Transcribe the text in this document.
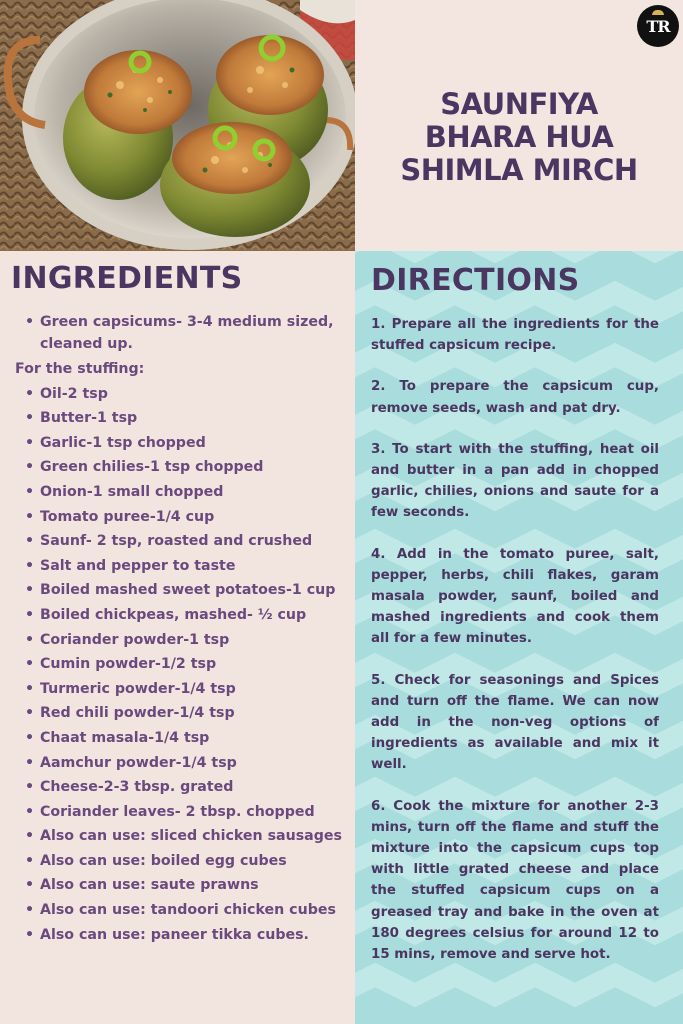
TR
SAUNFIYA
BHARA HUA
SHIMLA MIRCH
INGREDIENTS
• Green capsicums- 3-4 medium sized, cleaned up.
For the stuffing:
• Oil-2 tsp
• Butter-1 tsp
• Garlic-1 tsp chopped
• Green chilies-1 tsp chopped
• Onion-1 small chopped
• Tomato puree-1/4 cup
• Saunf- 2 tsp, roasted and crushed
• Salt and pepper to taste
• Boiled mashed sweet potatoes-1 cup
• Boiled chickpeas, mashed- ½ cup
• Coriander powder-1 tsp
• Cumin powder-1/2 tsp
• Turmeric powder-1/4 tsp
• Red chili powder-1/4 tsp
• Chaat masala-1/4 tsp
• Aamchur powder-1/4 tsp
• Cheese-2-3 tbsp. grated
• Coriander leaves- 2 tbsp. chopped
• Also can use: sliced chicken sausages
• Also can use: boiled egg cubes
• Also can use: saute prawns
• Also can use: tandoori chicken cubes
• Also can use: paneer tikka cubes.
DIRECTIONS

1. Prepare all the ingredients for the stuffed capsicum recipe.

2. To prepare the capsicum cup, remove seeds, wash and pat dry.

3. To start with the stuffing, heat oil and butter in a pan add in chopped garlic, chilies, onions and saute for a few seconds.

4. Add in the tomato puree, salt, pepper, herbs, chili flakes, garam masala powder, saunf, boiled and mashed ingredients and cook them all for a few minutes.

5. Check for seasonings and Spices and turn off the flame. We can now add in the non-veg options of ingredients as available and mix it well.

6. Cook the mixture for another 2-3 mins, turn off the flame and stuff the mixture into the capsicum cups top with little grated cheese and place the stuffed capsicum cups on a greased tray and bake in the oven at 180 degrees celsius for around 12 to 15 mins, remove and serve hot.
